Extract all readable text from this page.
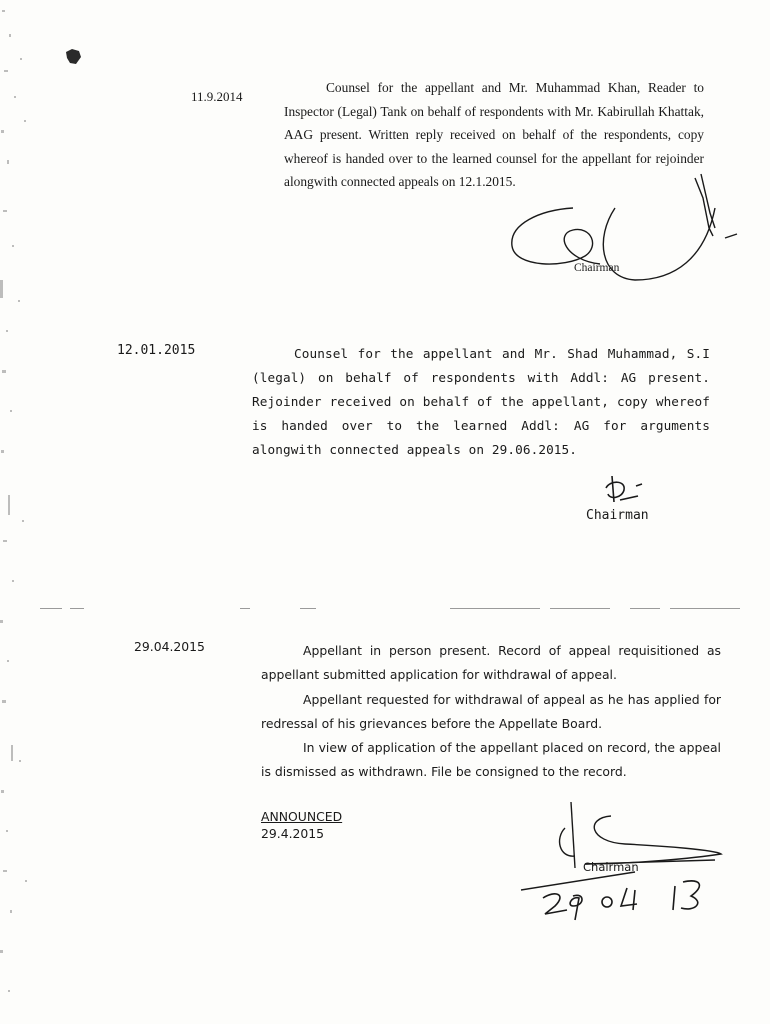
11.9.2014

Counsel for the appellant and Mr. Muhammad Khan, Reader to Inspector (Legal) Tank on behalf of respondents with Mr. Kabirullah Khattak, AAG present. Written reply received on behalf of the respondents, copy whereof is handed over to the learned counsel for the appellant for rejoinder alongwith connected appeals on 12.1.2015.

Chairman
12.01.2015	Counsel for the appellant and Mr. Shad Muhammad, S.I (legal) on behalf of respondents with Addl: AG present. Rejoinder received on behalf of the appellant, copy whereof is handed over to the learned Addl: AG for arguments alongwith connected appeals on 29.06.2015.

Chairman
29.04.2015	Appellant in person present. Record of appeal requisitioned as appellant submitted application for withdrawal of appeal.

Appellant requested for withdrawal of appeal as he has applied for redressal of his grievances before the Appellate Board.

In view of application of the appellant placed on record, the appeal is dismissed as withdrawn. File be consigned to the record.

ANNOUNCED
29.4.2015
Chairman
